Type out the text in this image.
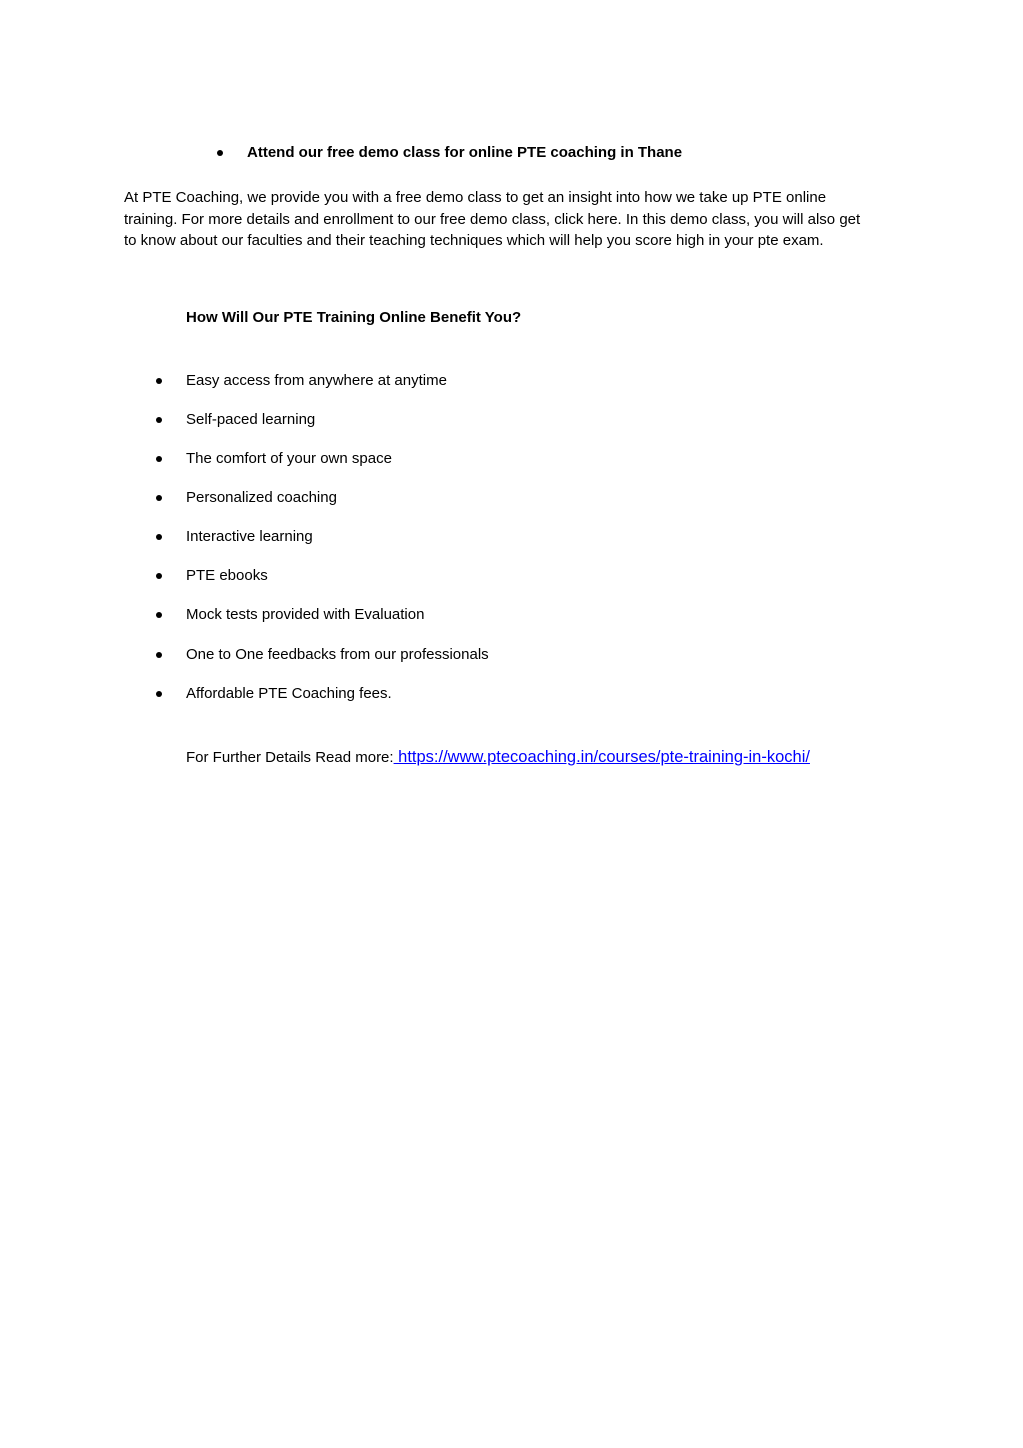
Attend our free demo class for online PTE coaching in Thane
At PTE Coaching, we provide you with a free demo class to get an insight into how we take up PTE online
training. For more details and enrollment to our free demo class, click here. In this demo class, you will also get
to know about our faculties and their teaching techniques which will help you score high in your pte exam.
How Will Our PTE Training Online Benefit You?
Easy access from anywhere at anytime
Self-paced learning
The comfort of your own space
Personalized coaching
Interactive learning
PTE ebooks
Mock tests provided with Evaluation
One to One feedbacks from our professionals
Affordable PTE Coaching fees.
For Further Details Read more: https://www.ptecoaching.in/courses/pte-training-in-kochi/
